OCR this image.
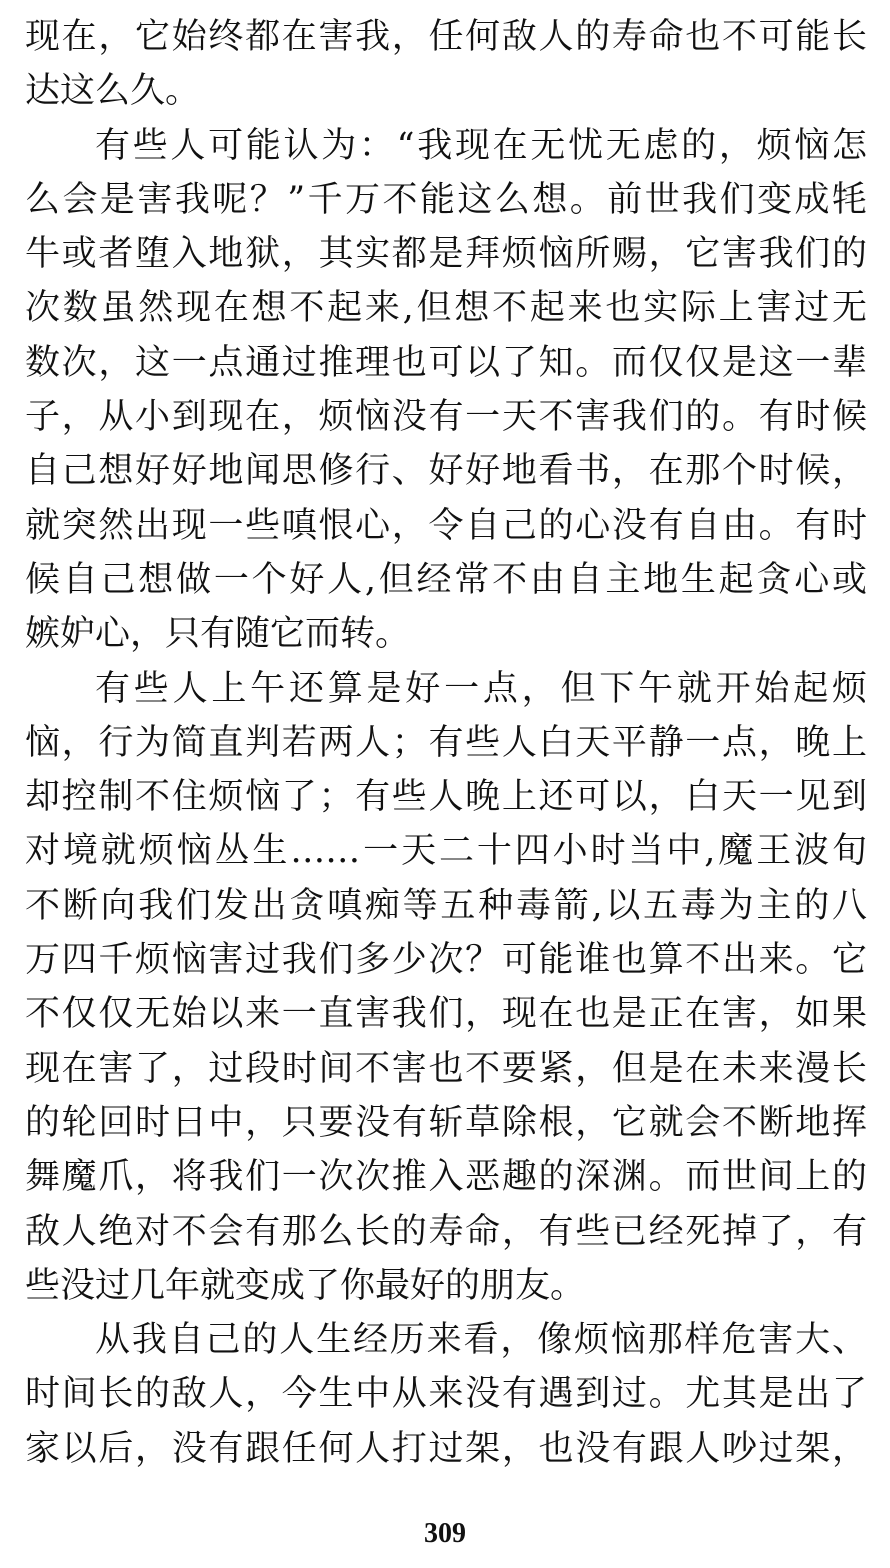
现在，它始终都在害我，任何敌人的寿命也不可能长
达这么久。
有些人可能认为：“我现在无忧无虑的，烦恼怎
么会是害我呢？”千万不能这么想。前世我们变成牦
牛或者堕入地狱，其实都是拜烦恼所赐，它害我们的
次数虽然现在想不起来,但想不起来也实际上害过无
数次，这一点通过推理也可以了知。而仅仅是这一辈
子，从小到现在，烦恼没有一天不害我们的。有时候
自己想好好地闻思修行、好好地看书，在那个时候，
就突然出现一些嗔恨心，令自己的心没有自由。有时
候自己想做一个好人,但经常不由自主地生起贪心或
嫉妒心，只有随它而转。
有些人上午还算是好一点，但下午就开始起烦
恼，行为简直判若两人；有些人白天平静一点，晚上
却控制不住烦恼了；有些人晚上还可以，白天一见到
对境就烦恼丛生……一天二十四小时当中,魔王波旬
不断向我们发出贪嗔痴等五种毒箭,以五毒为主的八
万四千烦恼害过我们多少次？可能谁也算不出来。它
不仅仅无始以来一直害我们，现在也是正在害，如果
现在害了，过段时间不害也不要紧，但是在未来漫长
的轮回时日中，只要没有斩草除根，它就会不断地挥
舞魔爪，将我们一次次推入恶趣的深渊。而世间上的
敌人绝对不会有那么长的寿命，有些已经死掉了，有
些没过几年就变成了你最好的朋友。
从我自己的人生经历来看，像烦恼那样危害大、
时间长的敌人，今生中从来没有遇到过。尤其是出了
家以后，没有跟任何人打过架，也没有跟人吵过架，
309
